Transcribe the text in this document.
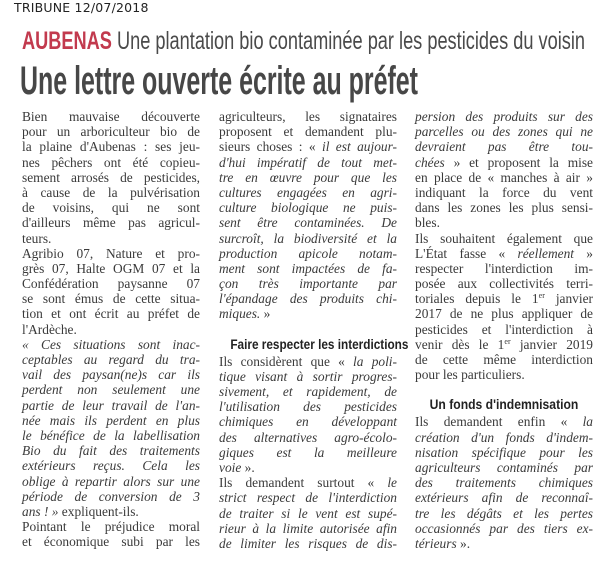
TRIBUNE 12/07/2018
AUBENAS Une plantation bio contaminée par les pesticides du voisin
Une lettre ouverte écrite au préfet
Bien mauvaise découverte
pour un arboriculteur bio de
la plaine d'Aubenas : ses jeu-
nes pêchers ont été copieu-
sement arrosés de pesticides,
à cause de la pulvérisation
de voisins, qui ne sont
d'ailleurs même pas agricul-
teurs.
Agribio 07, Nature et pro-
grès 07, Halte OGM 07 et la
Confédération paysanne 07
se sont émus de cette situa-
tion et ont écrit au préfet de
l'Ardèche.
« Ces situations sont inac-
ceptables au regard du tra-
vail des paysan(ne)s car ils
perdent non seulement une
partie de leur travail de l'an-
née mais ils perdent en plus
le bénéfice de la labellisation
Bio du fait des traitements
extérieurs reçus. Cela les
oblige à repartir alors sur une
période de conversion de 3
ans ! » expliquent-ils.
Pointant le préjudice moral
et économique subi par les
agriculteurs, les signataires
proposent et demandent plu-
sieurs choses : « il est aujour-
d'hui impératif de tout met-
tre en œuvre pour que les
cultures engagées en agri-
culture biologique ne puis-
sent être contaminées. De
surcroît, la biodiversité et la
production apicole notam-
ment sont impactées de fa-
çon très importante par
l'épandage des produits chi-
miques. »
Faire respecter les interdictions
Ils considèrent que « la poli-
tique visant à sortir progres-
sivement, et rapidement, de
l'utilisation des pesticides
chimiques en développant
des alternatives agro-écolo-
giques est la meilleure
voie ».
Ils demandent surtout « le
strict respect de l'interdiction
de traiter si le vent est supé-
rieur à la limite autorisée afin
de limiter les risques de dis-
persion des produits sur des
parcelles ou des zones qui ne
devraient pas être tou-
chées » et proposent la mise
en place de « manches à air »
indiquant la force du vent
dans les zones les plus sensi-
bles.
Ils souhaitent également que
L'État fasse « réellement »
respecter l'interdiction im-
posée aux collectivités terri-
toriales depuis le 1er janvier
2017 de ne plus appliquer de
pesticides et l'interdiction à
venir dès le 1er janvier 2019
de cette même interdiction
pour les particuliers.
Un fonds d'indemnisation
Ils demandent enfin « la
création d'un fonds d'indem-
nisation spécifique pour les
agriculteurs contaminés par
des traitements chimiques
extérieurs afin de reconnaî-
tre les dégâts et les pertes
occasionnés par des tiers ex-
térieurs ».
